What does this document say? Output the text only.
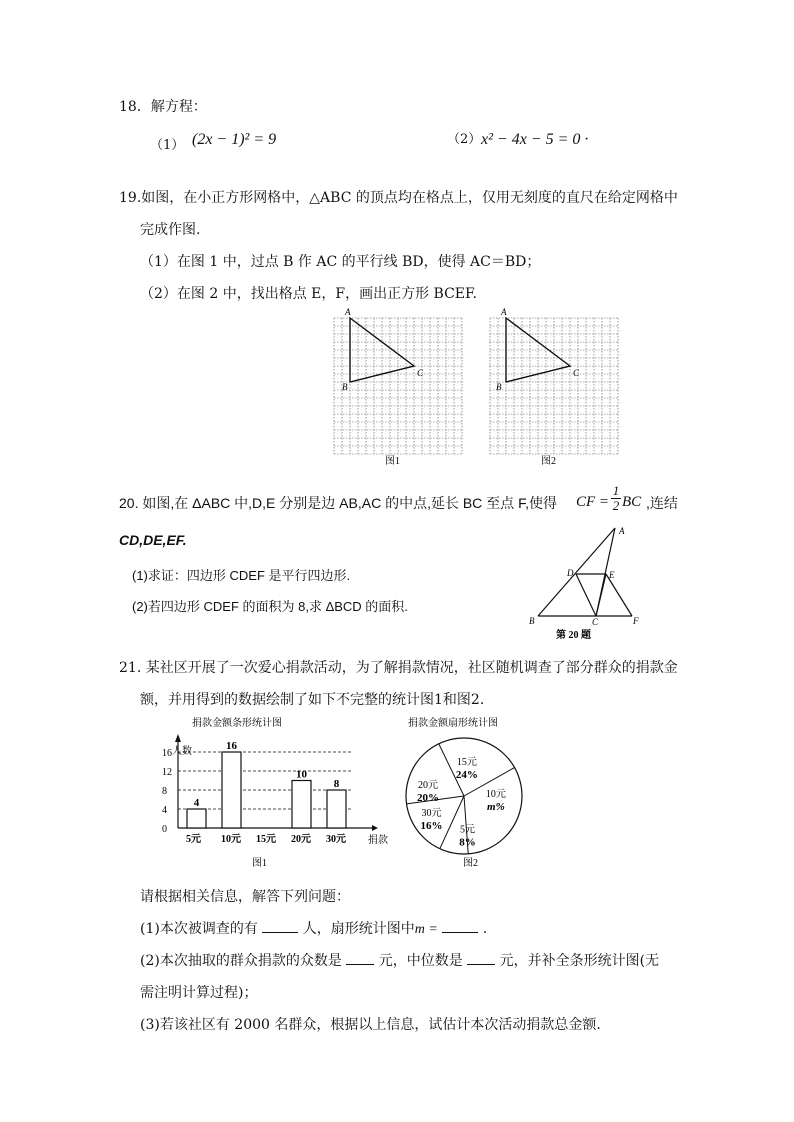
18．解方程：
（1） (2x − 1)² = 9	（2） x² − 4x − 5 = 0 ·
19.如图，在小正方形网格中，△ABC 的顶点均在格点上，仅用无刻度的直尺在给定网格中
完成作图.
（1）在图 1 中，过点 B 作 AC 的平行线 BD，使得 AC＝BD；
（2）在图 2 中，找出格点 E，F，画出正方形 BCEF.
A
B
C
图1
A
B
C
图2
20. 如图,在 ΔABC 中,D,E 分别是边 AB,AC 的中点,延长 BC 至点 F,使得 CF = $\frac{1}{2}$ BC ,连结
CD,DE,EF.
(1)求证：四边形 CDEF 是平行四边形.
(2)若四边形 CDEF 的面积为 8,求 ΔBCD 的面积.
A
B	C
D	E
F
第 20 题
21. 某社区开展了一次爱心捐款活动，为了解捐款情况，社区随机调查了部分群众的捐款金
额，并用得到的数据绘制了如下不完整的统计图1和图2.
捐款金额条形统计图
0
4
8
12
16
5元
4
10元
16
15元 20元
10
30元
8
人数
捐款
图1
捐款金额扇形统计图
15元
24%
10元
m%
5元
8%
30元
16%
20元
20%
图2
请根据相关信息，解答下列问题：
(1)本次被调查的有	人，扇形统计图中m =	.
(2)本次抽取的群众捐款的众数是	元，中位数是	元，并补全条形统计图(无
需注明计算过程)；
(3)若该社区有 2000 名群众，根据以上信息，试估计本次活动捐款总金额.
